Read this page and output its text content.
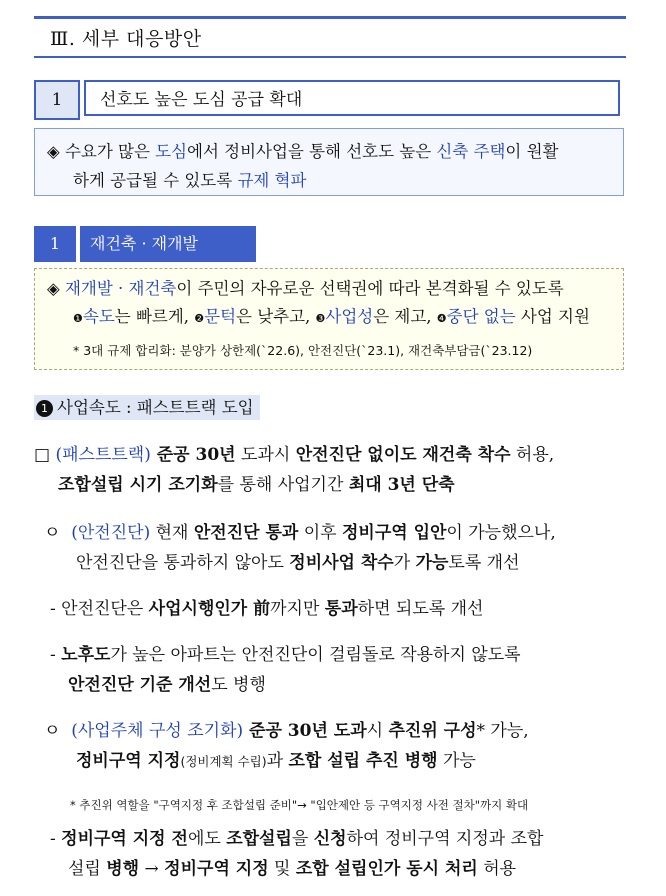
Ⅲ. 세부 대응방안
1	선호도 높은 도심 공급 확대
◈ 수요가 많은 도심에서 정비사업을 통해 선호도 높은 신축 주택이 원활
하게 공급될 수 있도록 규제 혁파
1	재건축 · 재개발
◈ 재개발 · 재건축이 주민의 자유로운 선택권에 따라 본격화될 수 있도록
$^❶$속도는 빠르게, $^❷$문턱은 낮추고, $^❸$사업성은 제고, $^❹$중단 없는 사업 지원
* 3대 규제 합리화: 분양가 상한제(`22.6), 안전진단(`23.1), 재건축부담금(`23.12)
1 사업속도 : 패스트트랙 도입
□ (패스트트랙) 준공 30년 도과시 안전진단 없이도 재건축 착수 허용,
조합설립 시기 조기화를 통해 사업기간 최대 3년 단축
ㅇ (안전진단) 현재 안전진단 통과 이후 정비구역 입안이 가능했으나,
안전진단을 통과하지 않아도 정비사업 착수가 가능토록 개선
- 안전진단은 사업시행인가 前까지만 통과하면 되도록 개선
- 노후도가 높은 아파트는 안전진단이 걸림돌로 작용하지 않도록
안전진단 기준 개선도 병행
ㅇ (사업주체 구성 조기화) 준공 30년 도과시 추진위 구성* 가능,
정비구역 지정(정비계획 수립)과 조합 설립 추진 병행 가능
* 추진위 역할을 "구역지정 후 조합설립 준비"→ "입안제안 등 구역지정 사전 절차"까지 확대
- 정비구역 지정 전에도 조합설립을 신청하여 정비구역 지정과 조합
설립 병행 → 정비구역 지정 및 조합 설립인가 동시 처리 허용
